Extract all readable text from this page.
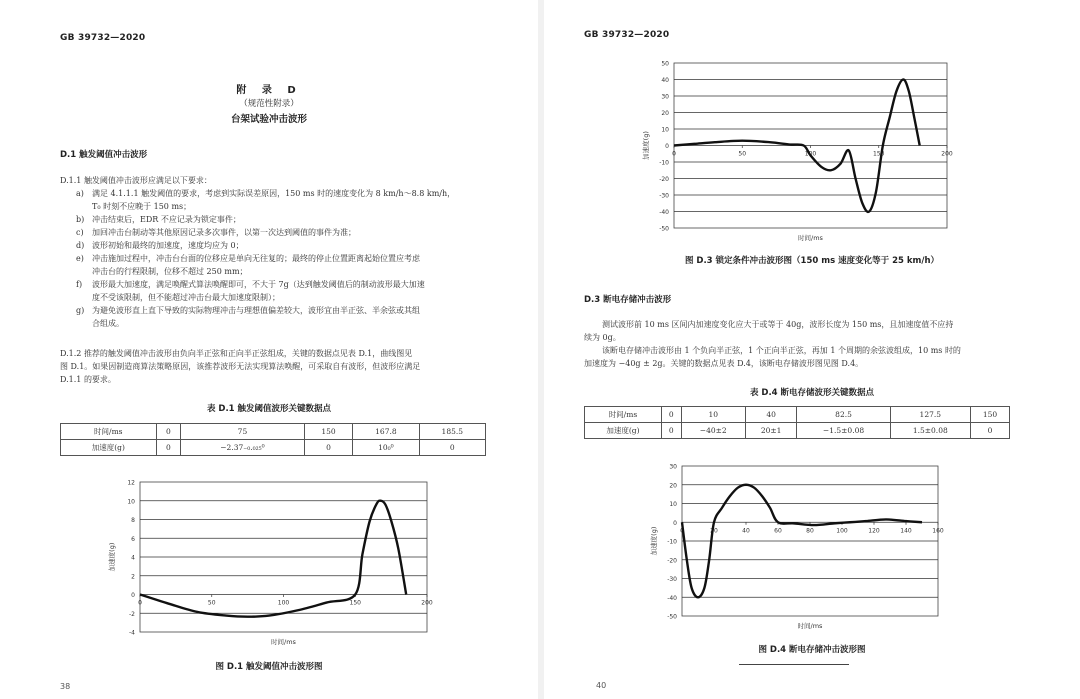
GB 39732—2020
附 录 D
（规范性附录）
台架试验冲击波形
D.1 触发阈值冲击波形
D.1.1 触发阈值冲击波形应满足以下要求：
a) 满足 4.1.1.1 触发阈值的要求，考虑到实际误差原因，150 ms 时的速度变化为 8 km/h～8.8 km/h，
T₀ 时刻不应晚于 150 ms；
b) 冲击结束后，EDR 不应记录为锁定事件；
c) 加回冲击台制动等其他原因记录多次事件，以第一次达到阈值的事件为准；
d) 波形初始和最终的加速度，速度均应为 0；
e) 冲击施加过程中，冲击台台面的位移应是单向无往复的；最终的停止位置距离起始位置应考虑
冲击台的行程限制，位移不超过 250 mm；
f) 波形最大加速度，满足唤醒式算法唤醒即可，不大于 7g（达到触发阈值后的制动波形最大加速
度不受该限制，但不能超过冲击台最大加速度限制）；
g) 为避免波形直上直下导致的实际物理冲击与理想值偏差较大，波形宜由半正弦、半余弦或其组
合组成。
D.1.2 推荐的触发阈值冲击波形由负向半正弦和正向半正弦组成，关键的数据点见表 D.1，曲线图见
图 D.1。如果因制造商算法策略原因，该推荐波形无法实现算法唤醒，可采取自有波形，但波形应满足
D.1.1 的要求。
表 D.1 触发阈值波形关键数据点
时间/ms	0	75	150	167.8	185.5
加速度(g)	0	−2.37₋₀.₀₂₅⁰	0	10₀⁰	0
-4
-2
0
2
4
6
8
10
12
0	50	100	150	200
加速度(g)
时间/ms
图 D.1 触发阈值冲击波形图
38
GB 39732—2020
-50
-40
-30
-20
-10
0
10
20
30
40
50
0	50	100	150	200
加速度(g)
时间/ms
图 D.3 锁定条件冲击波形图（150 ms 速度变化等于 25 km/h）
D.3 断电存储冲击波形
测试波形前 10 ms 区间内加速度变化应大于或等于 40g，波形长度为 150 ms，且加速度值不应持
续为 0g。
该断电存储冲击波形由 1 个负向半正弦，1 个正向半正弦，再加 1 个周期的余弦波组成，10 ms 时的
加速度为 −40g ± 2g。关键的数据点见表 D.4，该断电存储波形图见图 D.4。
表 D.4 断电存储波形关键数据点
时间/ms	0	10	40	82.5	127.5	150
加速度(g)	0	−40±2	20±1	−1.5±0.08	1.5±0.08	0
-50
-40
-30
-20
-10
0
10
20
30
0	20	40	60	80	100	120	140	160
加速度(g)
时间/ms
图 D.4 断电存储冲击波形图
40
